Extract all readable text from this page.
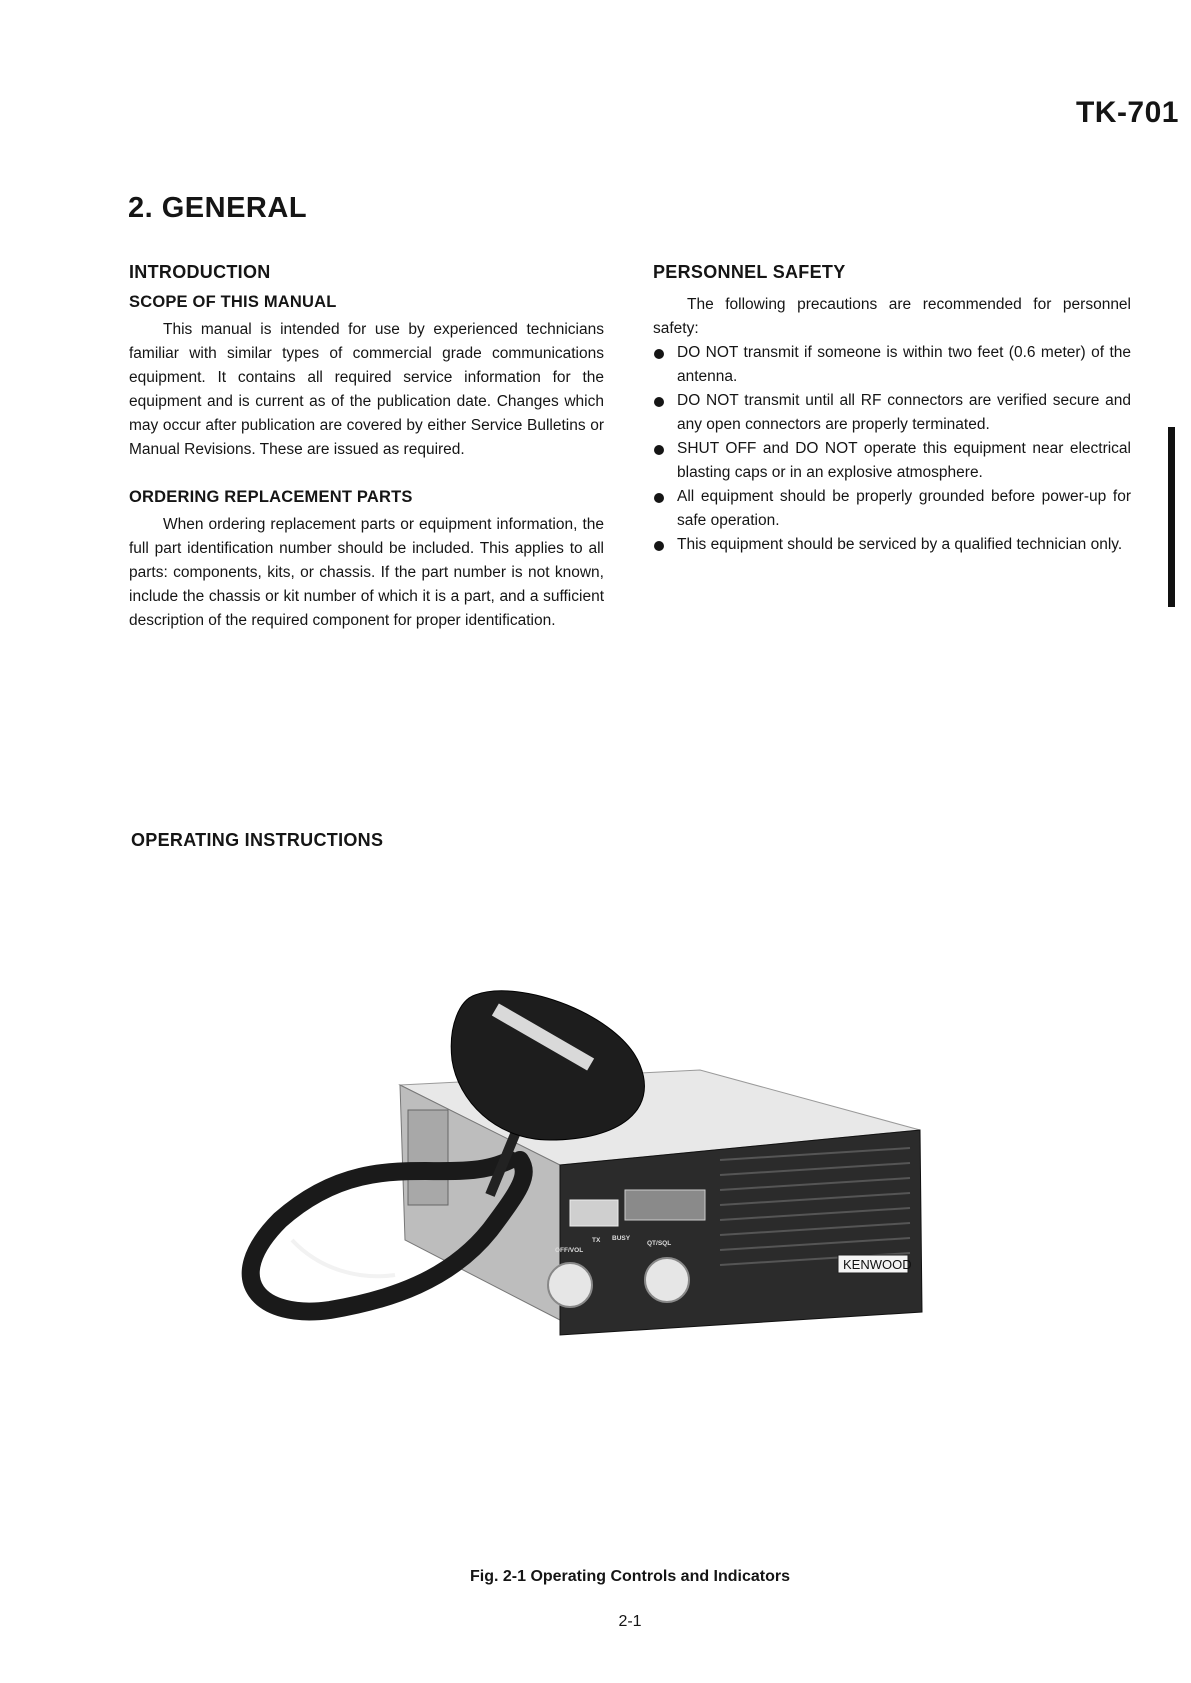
TK-701
2. GENERAL
INTRODUCTION
SCOPE OF THIS MANUAL

This manual is intended for use by experienced technicians familiar with similar types of commercial grade communications equipment. It contains all required service information for the equipment and is current as of the publication date. Changes which may occur after publication are covered by either Service Bulletins or Manual Revisions. These are issued as required.

ORDERING REPLACEMENT PARTS

When ordering replacement parts or equipment information, the full part identification number should be included. This applies to all parts: components, kits, or chassis. If the part number is not known, include the chassis or kit number of which it is a part, and a sufficient description of the required component for proper identification.

PERSONNEL SAFETY

The following precautions are recommended for personnel safety:

DO NOT transmit if someone is within two feet (0.6 meter) of the antenna.
DO NOT transmit until all RF connectors are verified secure and any open connectors are properly terminated.
SHUT OFF and DO NOT operate this equipment near electrical blasting caps or in an explosive atmosphere.
All equipment should be properly grounded before power-up for safe operation.
This equipment should be serviced by a qualified technician only.
OPERATING INSTRUCTIONS
TX BUSY
OFF/VOL
QT/SQL
KENWOOD

Fig. 2-1 Operating Controls and Indicators

2-1
